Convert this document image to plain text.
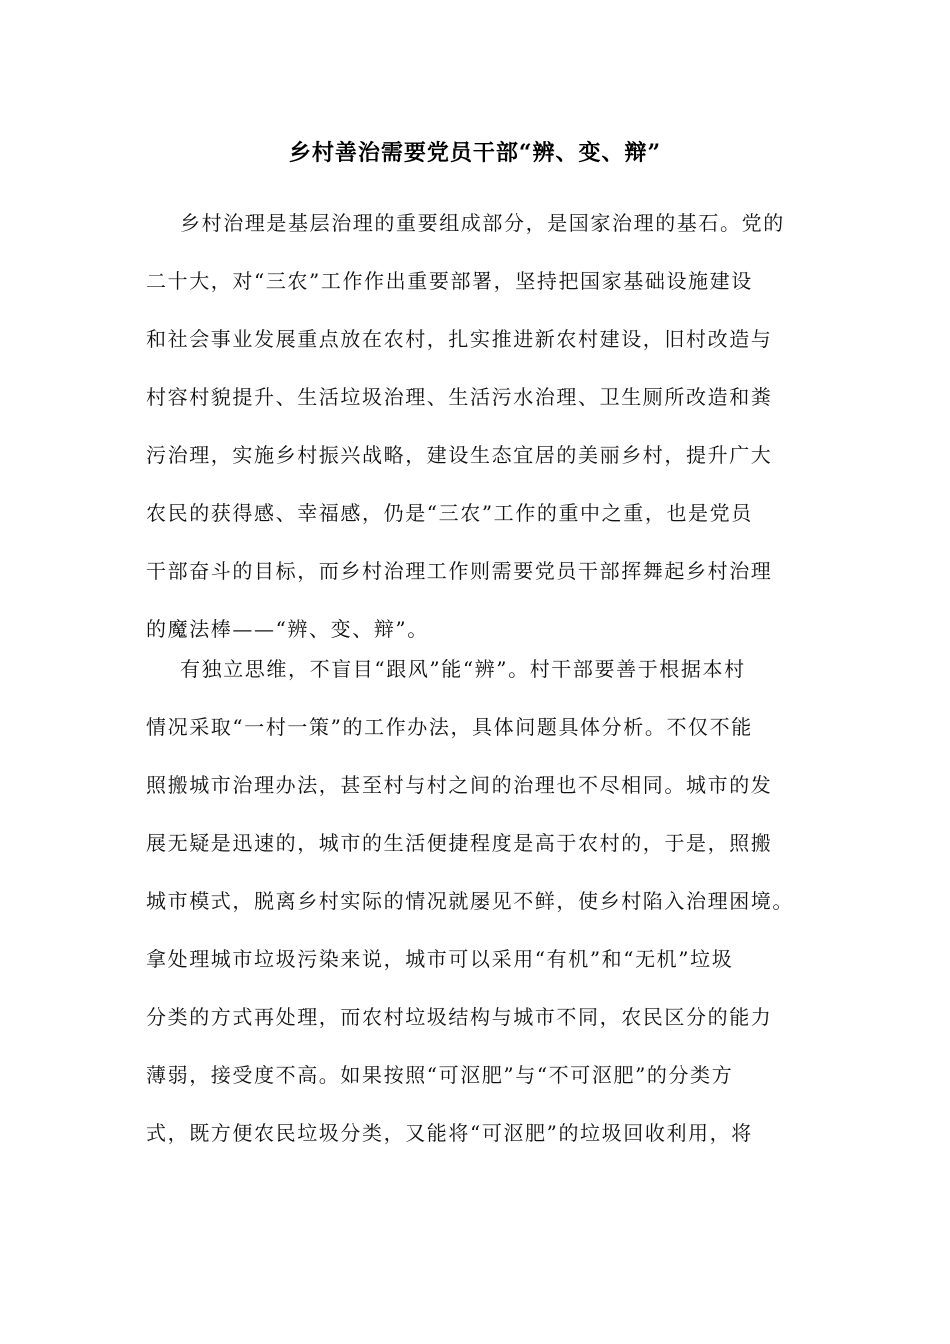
乡村善治需要党员干部“辨、变、辩”
乡村治理是基层治理的重要组成部分，是国家治理的基石。党的
二十大，对“三农”工作作出重要部署，坚持把国家基础设施建设
和社会事业发展重点放在农村，扎实推进新农村建设，旧村改造与
村容村貌提升、生活垃圾治理、生活污水治理、卫生厕所改造和粪
污治理，实施乡村振兴战略，建设生态宜居的美丽乡村，提升广大
农民的获得感、幸福感，仍是“三农”工作的重中之重，也是党员
干部奋斗的目标，而乡村治理工作则需要党员干部挥舞起乡村治理
的魔法棒——“辨、变、辩”。
有独立思维，不盲目“跟风”能“辨”。村干部要善于根据本村
情况采取“一村一策”的工作办法，具体问题具体分析。不仅不能
照搬城市治理办法，甚至村与村之间的治理也不尽相同。城市的发
展无疑是迅速的，城市的生活便捷程度是高于农村的，于是，照搬
城市模式，脱离乡村实际的情况就屡见不鲜，使乡村陷入治理困境。
拿处理城市垃圾污染来说，城市可以采用“有机”和“无机”垃圾
分类的方式再处理，而农村垃圾结构与城市不同，农民区分的能力
薄弱，接受度不高。如果按照“可沤肥”与“不可沤肥”的分类方
式，既方便农民垃圾分类，又能将“可沤肥”的垃圾回收利用，将
